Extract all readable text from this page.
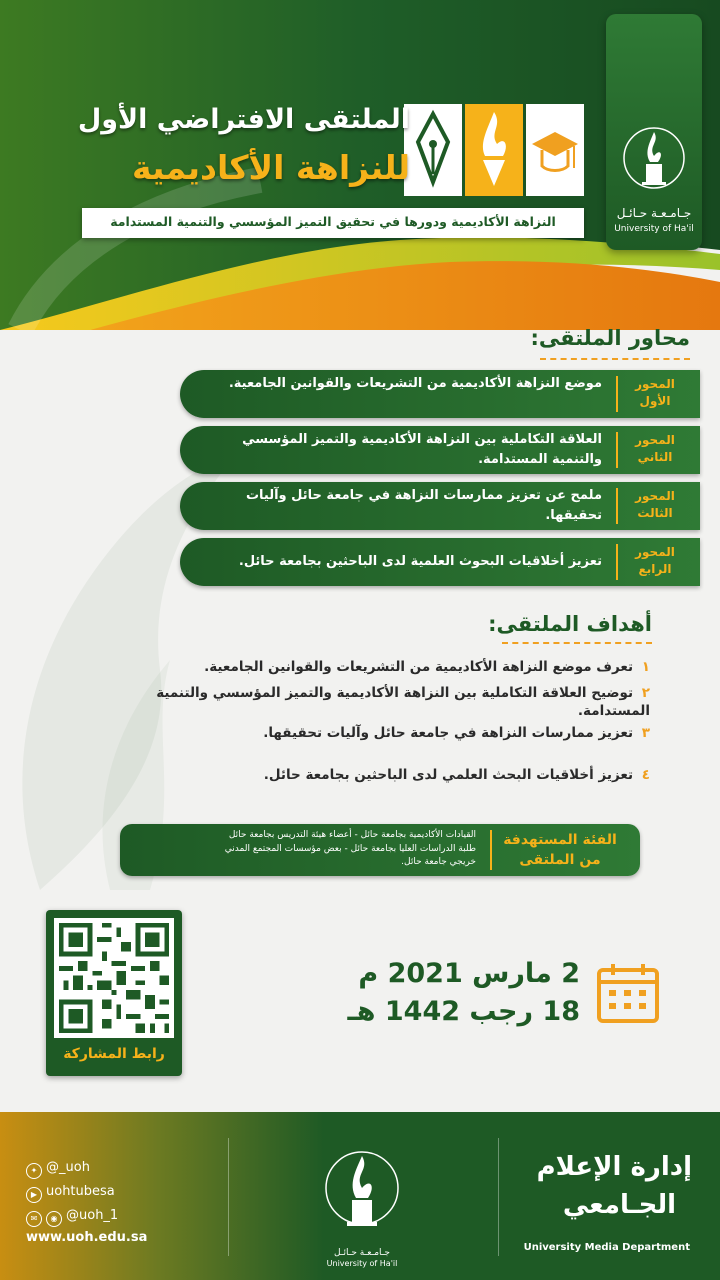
جـامـعـة حـائـل
University of Ha'il
الملتقى الافتراضي الأول
للنزاهة الأكاديمية
النزاهة الأكاديمية ودورها في تحقيق التميز المؤسسي والتنمية المستدامة
محاور الملتقى:
المحور
الأول
موضع النزاهة الأكاديمية من التشريعات والقوانين الجامعية.
المحور
الثاني
العلاقة التكاملية بين النزاهة الأكاديمية والتميز المؤسسي والتنمية المستدامة.
المحور
الثالث
ملمح عن تعزيز ممارسات النزاهة في جامعة حائل وآليات تحقيقها.
المحور
الرابع
تعزيز أخلاقيات البحوث العلمية لدى الباحثين بجامعة حائل.
أهداف الملتقى:
١ تعرف موضع النزاهة الأكاديمية من التشريعات والقوانين الجامعية.
٢ توضيح العلاقة التكاملية بين النزاهة الأكاديمية والتميز المؤسسي والتنمية المستدامة.
٣ تعزيز ممارسات النزاهة في جامعة حائل وآليات تحقيقها.
٤ تعزيز أخلاقيات البحث العلمي لدى الباحثين بجامعة حائل.
الفئة المستهدفة
من الملتقى
القيادات الأكاديمية بجامعة حائل - أعضاء هيئة التدريس بجامعة حائل
طلبة الدراسات العليا بجامعة حائل - بعض مؤسسات المجتمع المدني
خريجي جامعة حائل.
رابط المشاركة
2 مارس 2021 م
18 رجب 1442 هـ
✦ @_uoh
▶ uohtubesa
✉ ◉ @uoh_1
www.uoh.edu.sa
جـامـعـة حـائـل
University of Ha'il
إدارة الإعلام
الجـامعي
University Media Department
